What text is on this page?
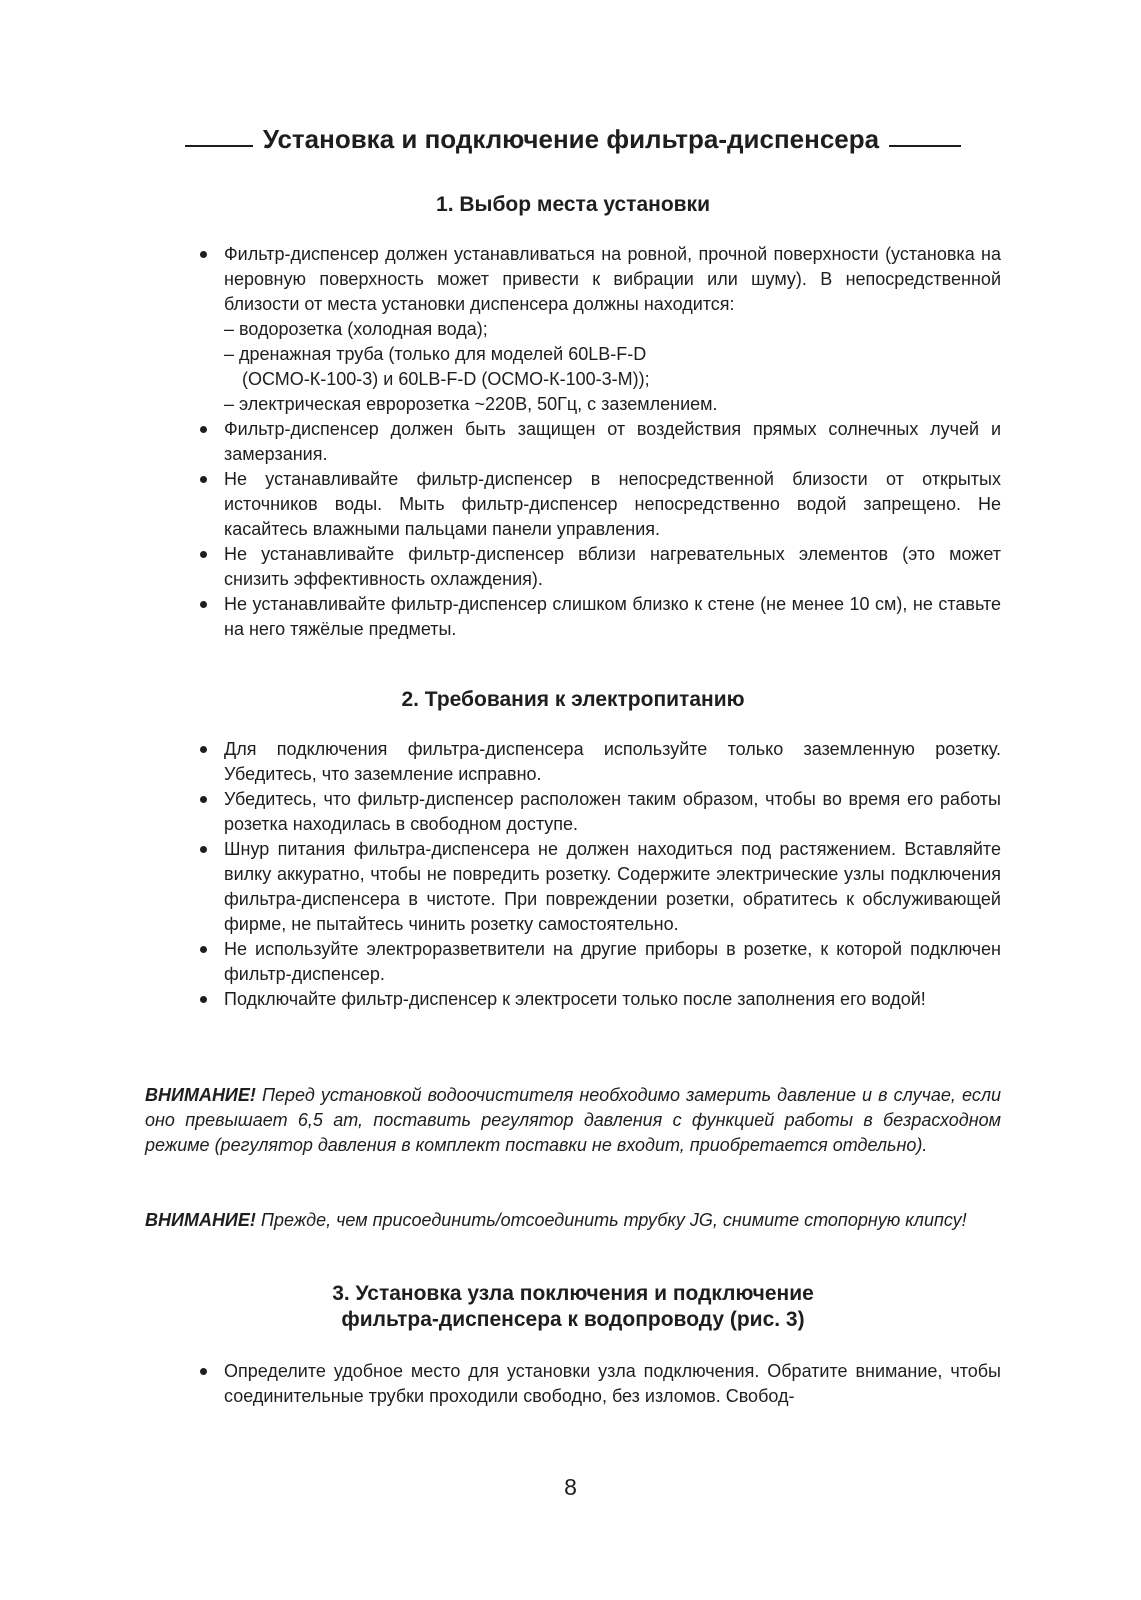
Установка и подключение фильтра-диспенсера
1. Выбор места установки
Фильтр-диспенсер должен устанавливаться на ровной, прочной поверхности (установка на неровную поверхность может привести к вибрации или шуму). В непосредственной близости от места установки диспенсера должны находится:
– водорозетка (холодная вода);
– дренажная труба (только для моделей 60LB-F-D
(ОСМО-К-100-3) и 60LB-F-D (ОСМО-К-100-3-М));
– электрическая евророзетка ~220В, 50Гц, с заземлением.
Фильтр-диспенсер должен быть защищен от воздействия прямых солнечных лучей и замерзания.
Не устанавливайте фильтр-диспенсер в непосредственной близости от открытых источников воды. Мыть фильтр-диспенсер непосредственно водой запрещено. Не касайтесь влажными пальцами панели управления.
Не устанавливайте фильтр-диспенсер вблизи нагревательных элементов (это может снизить эффективность охлаждения).
Не устанавливайте фильтр-диспенсер слишком близко к стене (не менее 10 см), не ставьте на него тяжёлые предметы.
2. Требования к электропитанию
Для подключения фильтра-диспенсера используйте только заземленную розетку. Убедитесь, что заземление исправно.
Убедитесь, что фильтр-диспенсер расположен таким образом, чтобы во время его работы розетка находилась в свободном доступе.
Шнур питания фильтра-диспенсера не должен находиться под растяжением. Вставляйте вилку аккуратно, чтобы не повредить розетку. Содержите электрические узлы подключения фильтра-диспенсера в чистоте. При повреждении розетки, обратитесь к обслуживающей фирме, не пытайтесь чинить розетку самостоятельно.
Не используйте электроразветвители на другие приборы в розетке, к которой подключен фильтр-диспенсер.
Подключайте фильтр-диспенсер к электросети только после заполнения его водой!

ВНИМАНИЕ! Перед установкой водоочистителя необходимо замерить давление и в случае, если оно превышает 6,5 ат, поставить регулятор давления с функцией работы в безрасходном режиме (регулятор давления в комплект поставки не входит, приобретается отдельно).

ВНИМАНИЕ! Прежде, чем присоединить/отсоединить трубку JG, снимите стопорную клипсу!

3. Установка узла поключения и подключение
фильтра-диспенсера к водопроводу (рис. 3)
Определите удобное место для установки узла подключения. Обратите внимание, чтобы соединительные трубки проходили свободно, без изломов. Свобод-
8
